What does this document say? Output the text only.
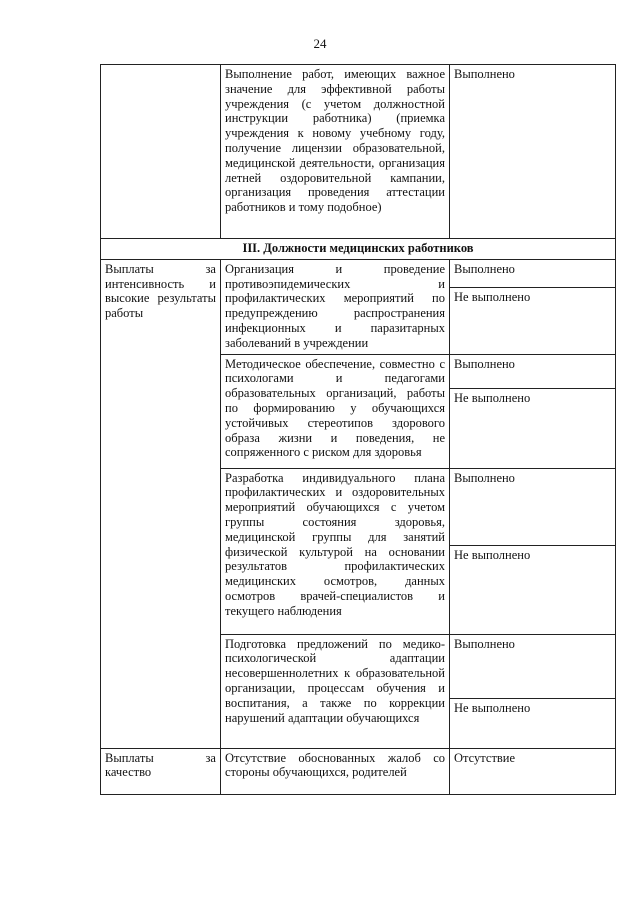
24
	Выполнение работ, имеющих важное значение для эффективной работы учреждения (с учетом должностной инструкции работника) (приемка учреждения к новому учебному году, получение лицензии образовательной, медицинской деятельности, организация летней оздоровительной кампании, организация проведения аттестации работников и тому подобное)	Выполнено
III. Должности медицинских работников		
Выплаты за интенсивность и высокие результаты работы	Организация и проведение противоэпидемических и профилактических мероприятий по предупреждению распространения инфекционных и паразитарных заболеваний в учреждении	Выполнено
		Не выполнено
	Методическое обеспечение, совместно с психологами и педагогами образовательных организаций, работы по формированию у обучающихся устойчивых стереотипов здорового образа жизни и поведения, не сопряженного с риском для здоровья	Выполнено
		Не выполнено
	Разработка индивидуального плана профилактических и оздоровительных мероприятий обучающихся с учетом группы состояния здоровья, медицинской группы для занятий физической культурой на основании результатов профилактических медицинских осмотров, данных осмотров врачей-специалистов и текущего наблюдения	Выполнено
		Не выполнено
	Подготовка предложений по медико-психологической адаптации несовершеннолетних к образовательной организации, процессам обучения и воспитания, а также по коррекции нарушений адаптации обучающихся	Выполнено
		Не выполнено
Выплаты за качество	Отсутствие обоснованных жалоб со стороны обучающихся, родителей	Отсутствие
